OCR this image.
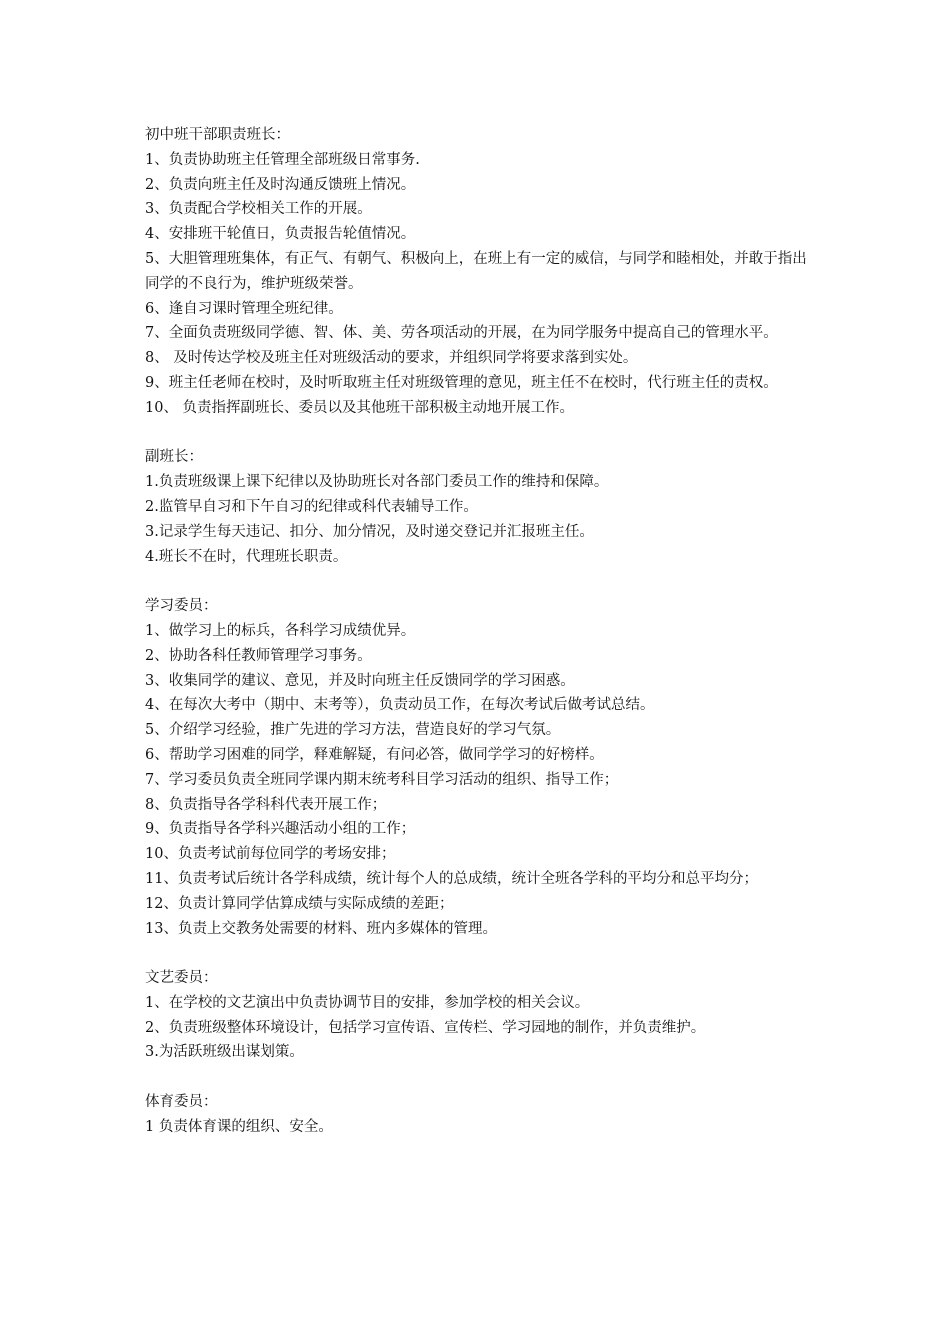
初中班干部职责班长：

1、负责协助班主任管理全部班级日常事务.

2、负责向班主任及时沟通反馈班上情况。

3、负责配合学校相关工作的开展。

4、安排班干轮值日，负责报告轮值情况。

5、大胆管理班集体，有正气、有朝气、积极向上，在班上有一定的威信，与同学和睦相处，并敢于指出同学的不良行为，维护班级荣誉。

6、逢自习课时管理全班纪律。

7、全面负责班级同学德、智、体、美、劳各项活动的开展，在为同学服务中提高自己的管理水平。

8、 及时传达学校及班主任对班级活动的要求，并组织同学将要求落到实处。

9、班主任老师在校时，及时听取班主任对班级管理的意见，班主任不在校时，代行班主任的责权。

10、 负责指挥副班长、委员以及其他班干部积极主动地开展工作。

副班长：

1.负责班级课上课下纪律以及协助班长对各部门委员工作的维持和保障。

2.监管早自习和下午自习的纪律或科代表辅导工作。

3.记录学生每天违记、扣分、加分情况，及时递交登记并汇报班主任。

4.班长不在时，代理班长职责。

学习委员：

1、做学习上的标兵，各科学习成绩优异。

2、协助各科任教师管理学习事务。

3、收集同学的建议、意见，并及时向班主任反馈同学的学习困惑。

4、在每次大考中（期中、末考等），负责动员工作，在每次考试后做考试总结。

5、介绍学习经验，推广先进的学习方法，营造良好的学习气氛。

6、帮助学习困难的同学，释难解疑，有问必答，做同学学习的好榜样。

7、学习委员负责全班同学课内期末统考科目学习活动的组织、指导工作；

8、负责指导各学科科代表开展工作；

9、负责指导各学科兴趣活动小组的工作；

10、负责考试前每位同学的考场安排；

11、负责考试后统计各学科成绩，统计每个人的总成绩，统计全班各学科的平均分和总平均分；

12、负责计算同学估算成绩与实际成绩的差距；

13、负责上交教务处需要的材料、班内多媒体的管理。

文艺委员：

1、在学校的文艺演出中负责协调节目的安排，参加学校的相关会议。

2、负责班级整体环境设计，包括学习宣传语、宣传栏、学习园地的制作，并负责维护。

3.为活跃班级出谋划策。

体育委员：

1 负责体育课的组织、安全。
